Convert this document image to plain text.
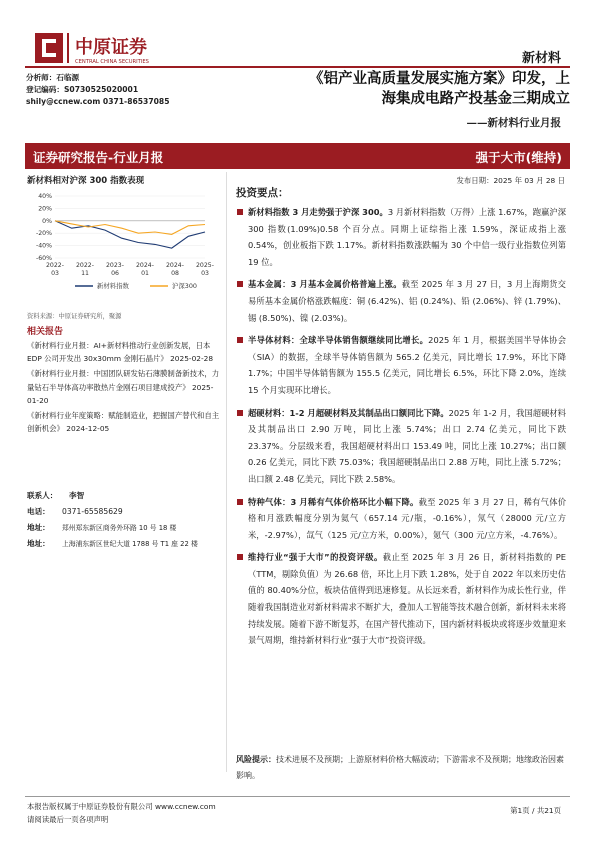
中原证券
CENTRAL CHINA SECURITIES	新材料
分析师：石临源
登记编码：S0730525020001
shily@ccnew.com 0371-86537085
《铝产业高质量发展实施方案》印发，上
海集成电路产投基金三期成立
——新材料行业月报
证券研究报告-行业月报	强于大市(维持)
新材料相对沪深 300 指数表现	发布日期：2025 年 03 月 28 日
40%
20%
0%
-20%
-40%
-60%
2022-
03
2022-
11
2023-
06
2024-
01
2024-
08
2025-
03
新材料指数	沪深300
资料来源：中原证券研究所，聚源
相关报告
《新材料行业月报：AI+新材料推动行业创新发展，日本 EDP 公司开发出 30x30mm 金刚石晶片》 2025-02-28
《新材料行业月报：中国团队研发钻石薄膜制备新技术，力量钻石半导体高功率散热片金刚石项目建成投产》 2025-01-20
《新材料行业年度策略：赋能制造业，把握国产替代和自主创新机会》 2024-12-05
联系人：	李智
电话：	0371-65585629
地址：	郑州郑东新区商务外环路 10 号 18 楼
地址：	上海浦东新区世纪大道 1788 号 T1 座 22 楼
投资要点：
新材料指数 3 月走势强于沪深 300。3 月新材料指数（万得）上涨 1.67%，跑赢沪深 300 指数(1.09%)0.58 个百分点。同期上证综指上涨 1.59%，深证成指上涨 0.54%，创业板指下跌 1.17%。新材料指数涨跌幅为 30 个中信一级行业指数位列第 19 位。
基本金属：3 月基本金属价格普遍上涨。截至 2025 年 3 月 27 日，3 月上海期货交易所基本金属价格涨跌幅度：铜 (6.42%)、铝 (0.24%)、铅 (2.06%)、锌 (1.79%)、锡 (8.50%)、镍 (2.03%)。
半导体材料：全球半导体销售额继续同比增长。2025 年 1 月，根据美国半导体协会（SIA）的数据，全球半导体销售额为 565.2 亿美元，同比增长 17.9%，环比下降 1.7%；中国半导体销售额为 155.5 亿美元，同比增长 6.5%，环比下降 2.0%，连续 15 个月实现环比增长。
超硬材料：1-2 月超硬材料及其制品出口额同比下降。2025 年 1-2 月，我国超硬材料及其制品出口 2.90 万吨，同比上涨 5.74%；出口 2.74 亿美元，同比下跌 23.37%。分层级来看，我国超硬材料出口 153.49 吨，同比上涨 10.27%；出口额 0.26 亿美元，同比下跌 75.03%；我国超硬制品出口 2.88 万吨，同比上涨 5.72%；出口额 2.48 亿美元，同比下跌 2.58%。
特种气体：3 月稀有气体价格环比小幅下降。截至 2025 年 3 月 27 日，稀有气体价格和月涨跌幅度分别为氦气（657.14 元/瓶，-0.16%），氖气（28000 元/立方米，-2.97%），氙气（125 元/立方米，0.00%），氪气（300 元/立方米，-4.76%）。
维持行业“强于大市”的投资评级。截止至 2025 年 3 月 26 日，新材料指数的 PE（TTM，剔除负值）为 26.68 倍，环比上月下跌 1.28%，处于自 2022 年以来历史估值的 80.40%分位，板块估值得到迅速修复。从长远来看，新材料作为成长性行业，伴随着我国制造业对新材料需求不断扩大，叠加人工智能等技术融合创新，新材料未来将持续发展。随着下游不断复苏，在国产替代推动下，国内新材料板块或将逐步效量迎来景气周期，维持新材料行业“强于大市”投资评级。
风险提示：技术进展不及预期；上游原材料价格大幅波动；下游需求不及预期；地缘政治因素影响。
本报告版权属于中原证券股份有限公司 www.ccnew.com
请阅读最后一页各项声明
第1页 / 共21页
